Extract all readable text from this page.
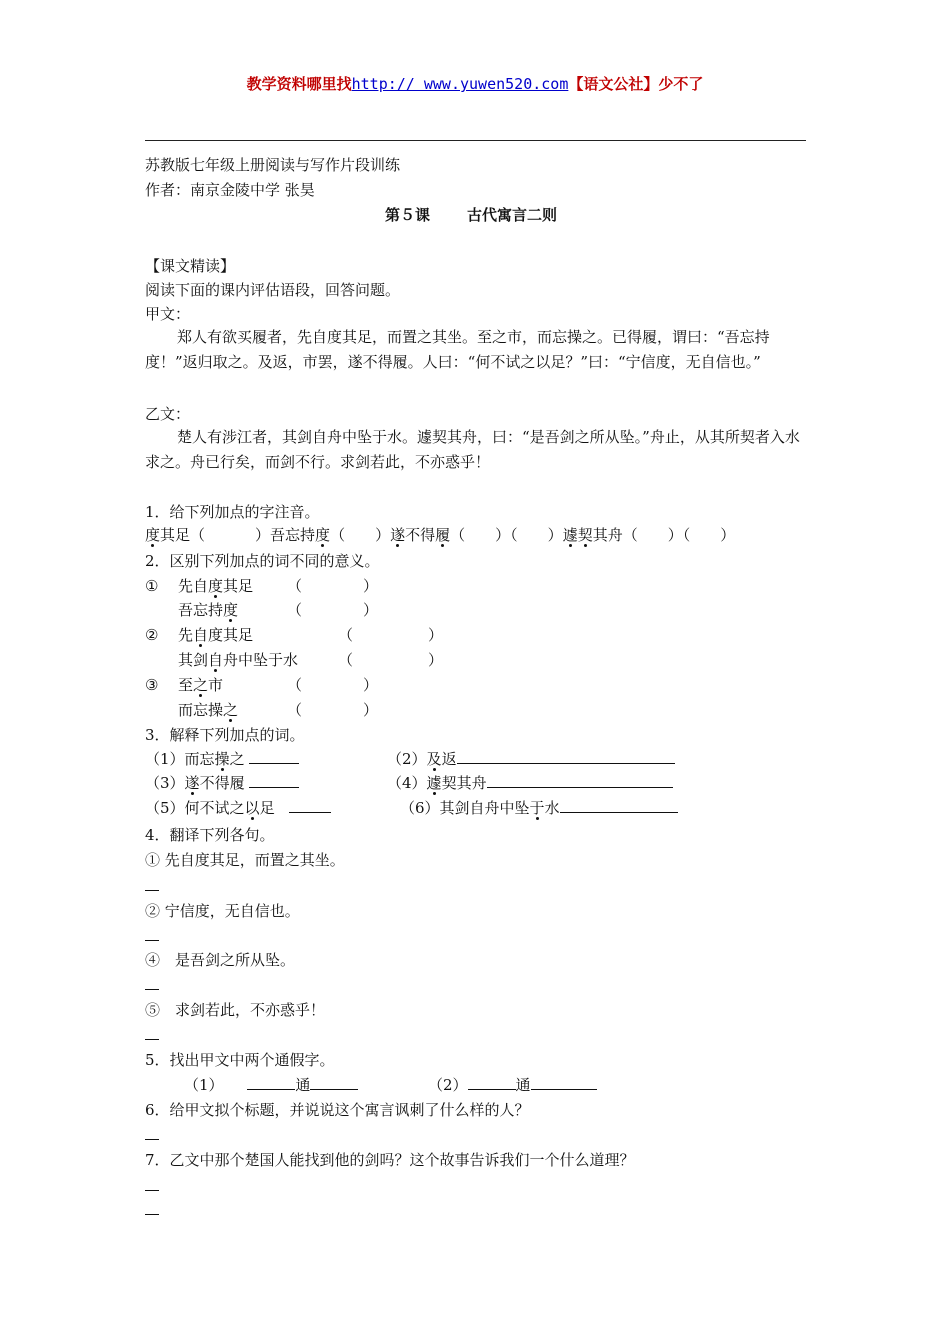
教学资料哪里找http:// www.yuwen520.com【语文公社】少不了
苏教版七年级上册阅读与写作片段训练
作者：南京金陵中学 张昊
第５课 古代寓言二则
【课文精读】
阅读下面的课内评估语段，回答问题。
甲文：
郑人有欲买履者，先自度其足，而置之其坐。至之市，而忘操之。已得履，谓曰：“吾忘持度！”返归取之。及返，市罢，遂不得履。人曰：“何不试之以足？”曰：“宁信度，无自信也。”
乙文：
楚人有涉江者，其剑自舟中坠于水。遽契其舟，曰：“是吾剑之所从坠。”舟止，从其所契者入水求之。舟已行矣，而剑不行。求剑若此，不亦惑乎！
1．给下列加点的字注音。
度其足（	）吾忘持度（ ）遂不得履（ ）（ ）遽契其舟（ ）（ ）
2．区别下列加点的词不同的意义。
① 先自度其足 （	）
吾忘持度	（	）
② 先自度其足	（	）
其剑自舟中坠于水	（	）
③ 至之市	（	）
而忘操之	（	）
3．解释下列加点的词。
（1）而忘操之	（2）及返
（3）遂不得履	（4）遽契其舟
（5）何不试之以足	（6）其剑自舟中坠于水
4．翻译下列各句。
① 先自度其足，而置之其坐。
② 宁信度，无自信也。
④　是吾剑之所从坠。
⑤　求剑若此，不亦惑乎！
5．找出甲文中两个通假字。
（1）	通	（2）	通
6．给甲文拟个标题，并说说这个寓言讽刺了什么样的人？
7．乙文中那个楚国人能找到他的剑吗？这个故事告诉我们一个什么道理？
